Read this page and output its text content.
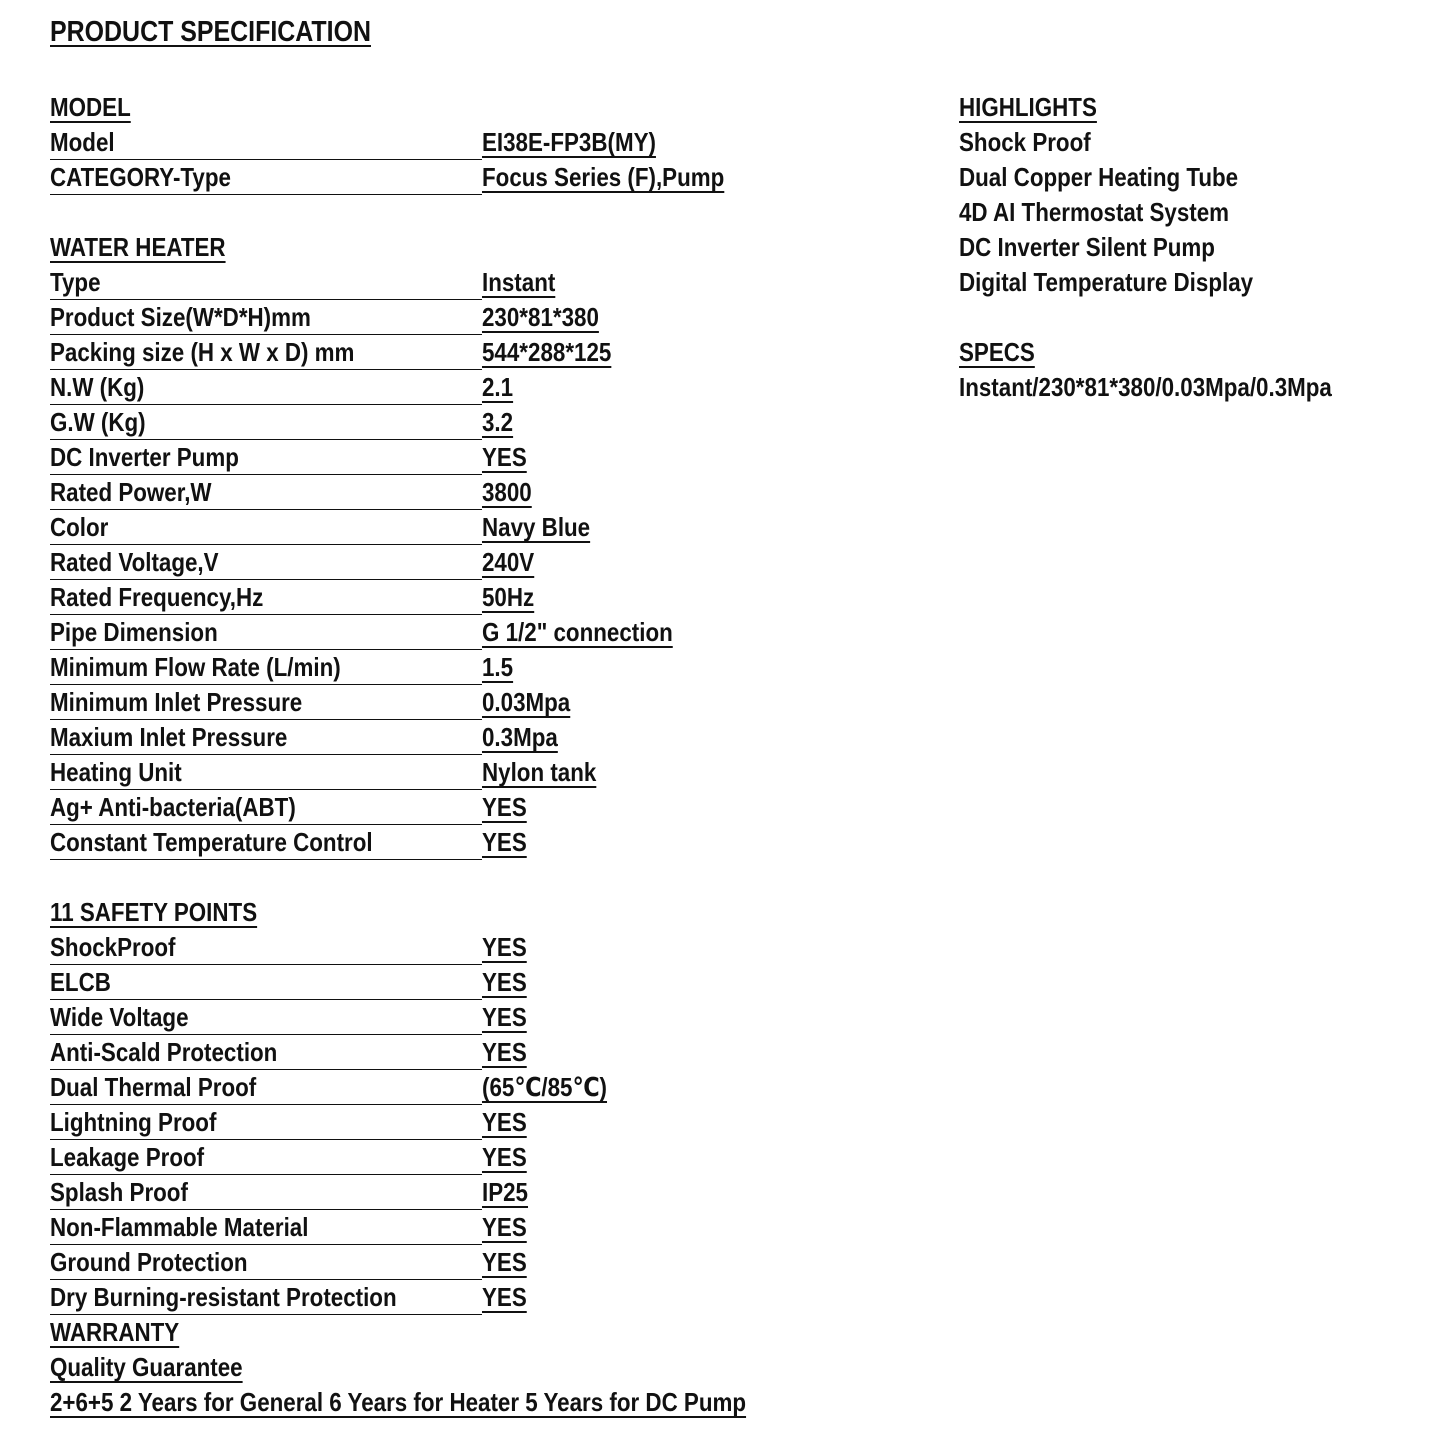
PRODUCT SPECIFICATION
MODEL
Model	EI38E-FP3B(MY)
CATEGORY-Type	Focus Series (F),Pump
WATER HEATER
Type	Instant
Product Size(W*D*H)mm	230*81*380
Packing size (H x W x D) mm	544*288*125
N.W (Kg)	2.1
G.W (Kg)	3.2
DC Inverter Pump	YES
Rated Power,W	3800
Color	Navy Blue
Rated Voltage,V	240V
Rated Frequency,Hz	50Hz
Pipe Dimension	G 1/2" connection
Minimum Flow Rate (L/min)	1.5
Minimum Inlet Pressure	0.03Mpa
Maxium Inlet Pressure	0.3Mpa
Heating Unit	Nylon tank
Ag+ Anti-bacteria(ABT)	YES
Constant Temperature Control	YES
11 SAFETY POINTS
ShockProof	YES
ELCB	YES
Wide Voltage	YES
Anti-Scald Protection	YES
Dual Thermal Proof	(65℃/85℃)
Lightning Proof	YES
Leakage Proof	YES
Splash Proof	IP25
Non-Flammable Material	YES
Ground Protection	YES
Dry Burning-resistant Protection	YES
WARRANTY
Quality Guarantee
2+6+5 2 Years for General 6 Years for Heater 5 Years for DC Pump
HIGHLIGHTS
Shock Proof
Dual Copper Heating Tube
4D AI Thermostat System
DC Inverter Silent Pump
Digital Temperature Display
SPECS
Instant/230*81*380/0.03Mpa/0.3Mpa
